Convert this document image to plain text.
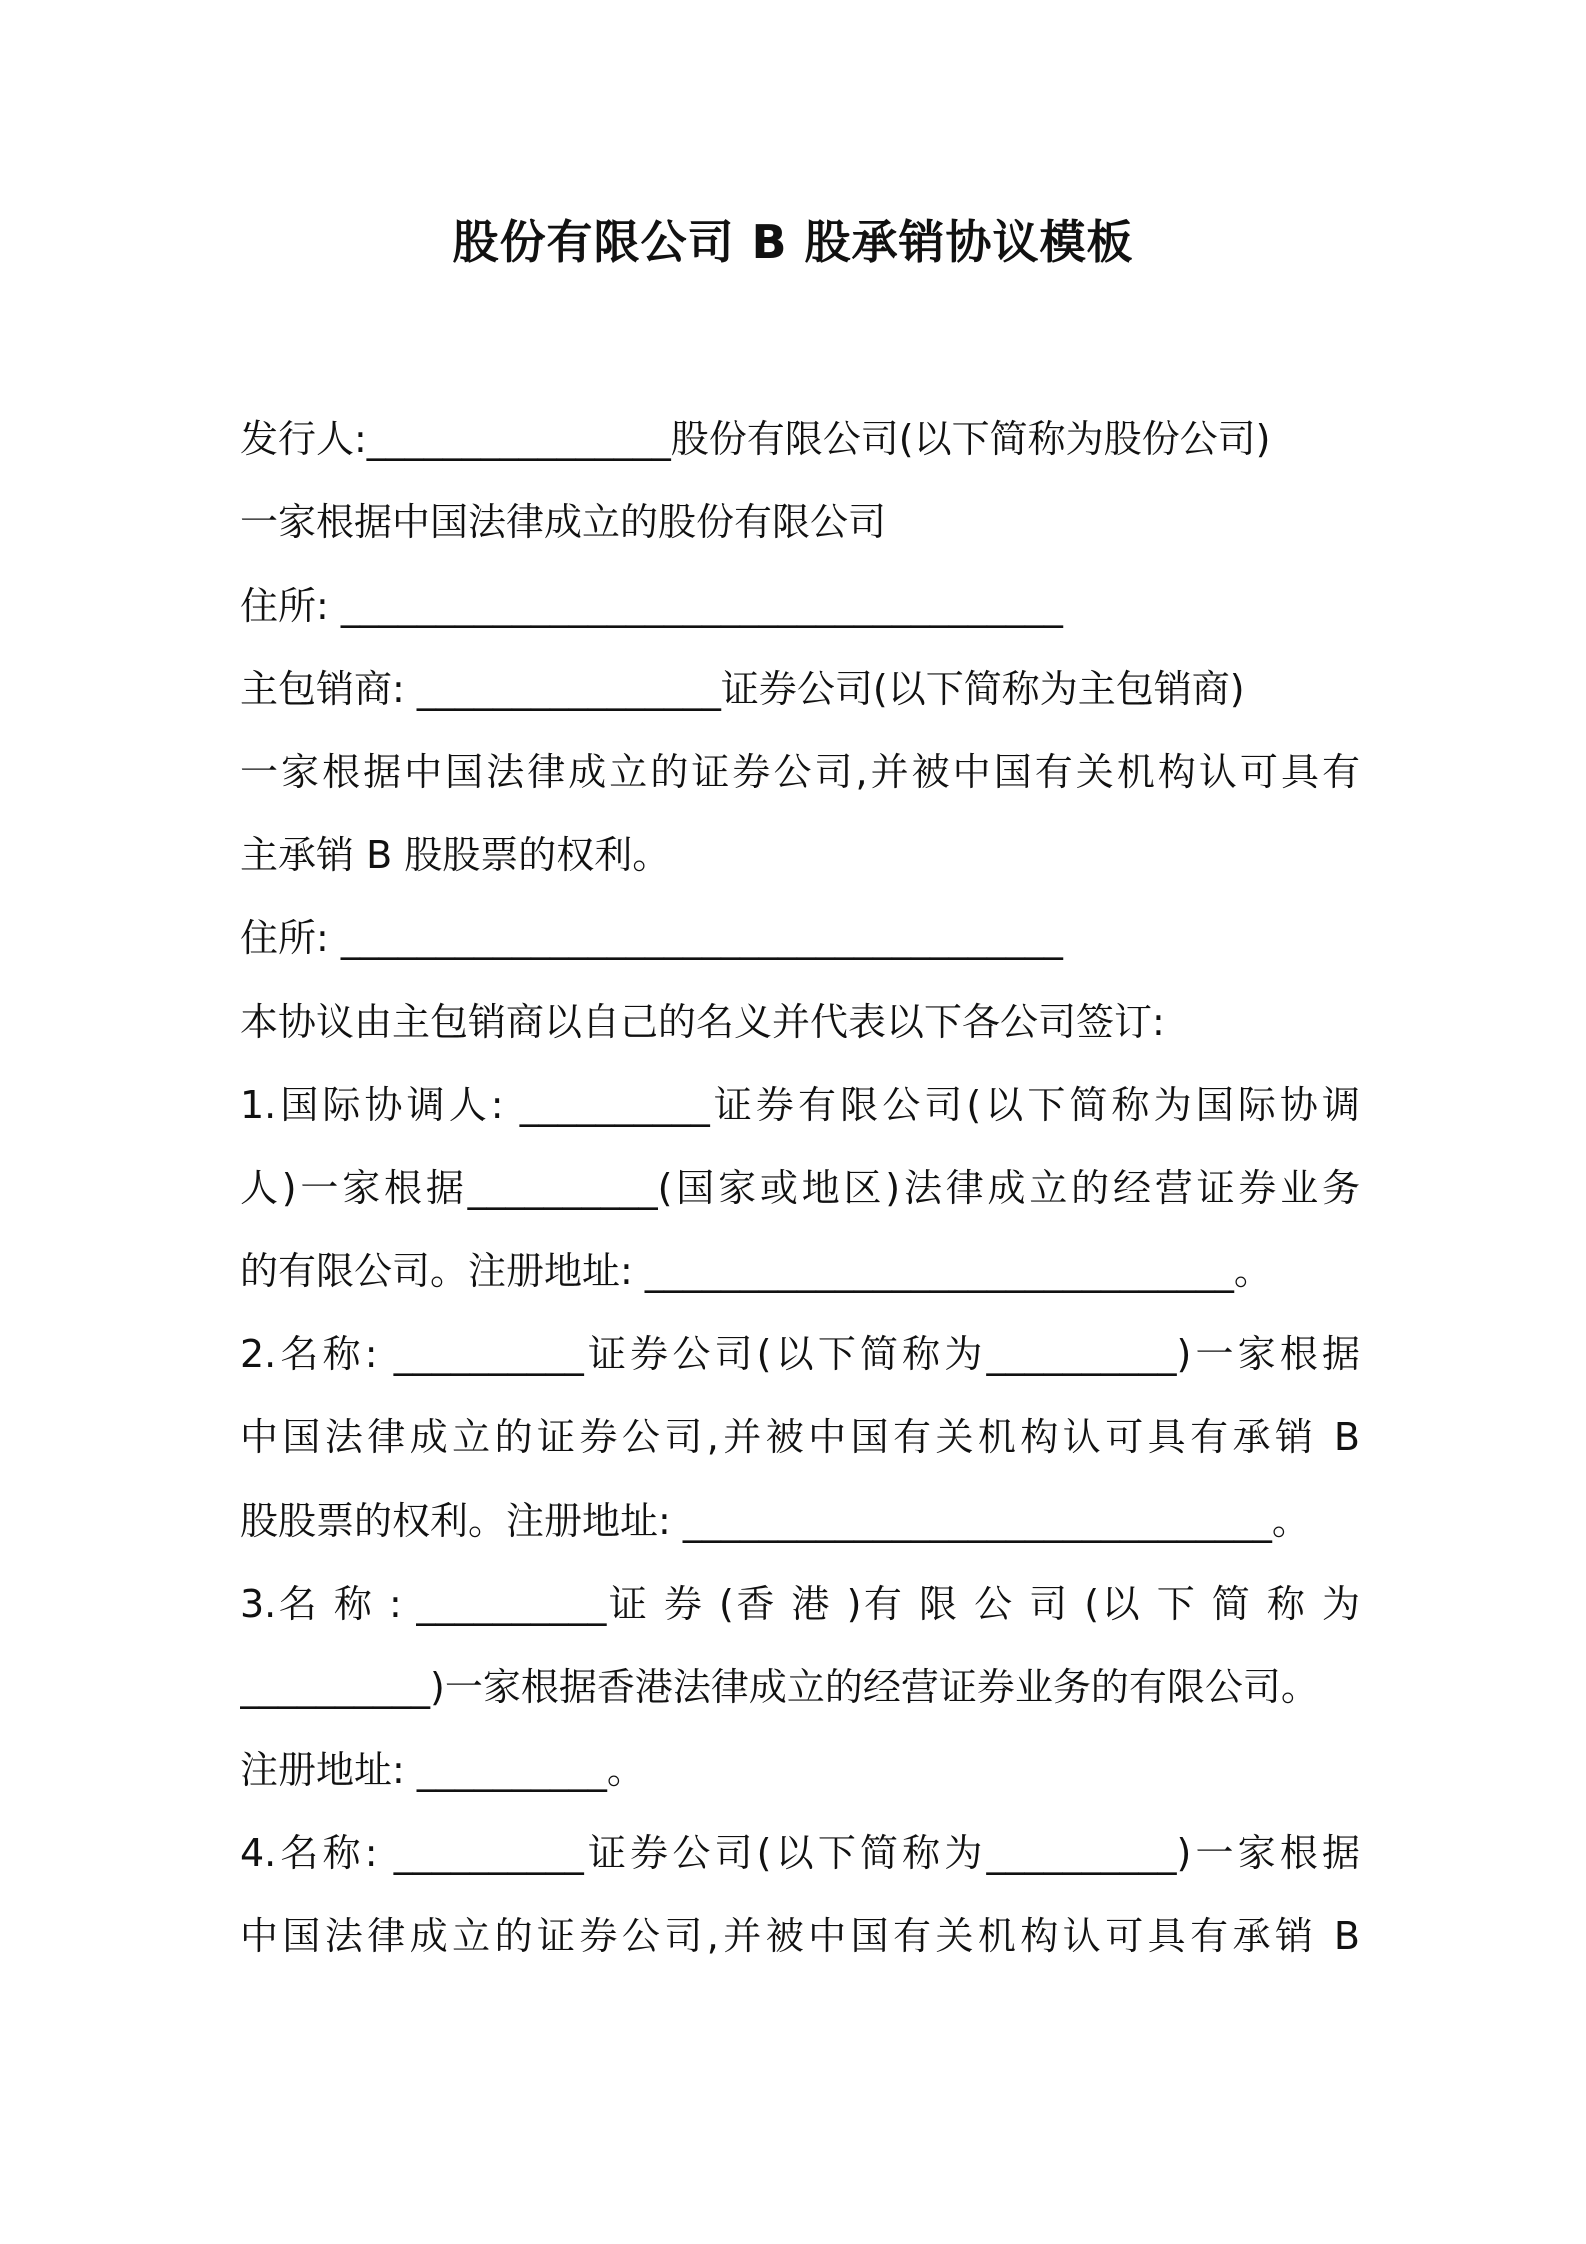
股份有限公司 B 股承销协议模板
发行人:________________股份有限公司(以下简称为股份公司)
一家根据中国法律成立的股份有限公司
住所: ______________________________________
主包销商: ________________证券公司(以下简称为主包销商)
一家根据中国法律成立的证券公司,并被中国有关机构认可具有
主承销 B 股股票的权利。
住所: ______________________________________
本协议由主包销商以自己的名义并代表以下各公司签订:
1.国际协调人: __________证券有限公司(以下简称为国际协调
人)一家根据__________(国家或地区)法律成立的经营证券业务
的有限公司。注册地址: _______________________________。
2.名称: __________证券公司(以下简称为__________)一家根据
中国法律成立的证券公司,并被中国有关机构认可具有承销 B
股股票的权利。注册地址: _______________________________。
3.名 称 : __________证 券 (香 港 )有 限 公 司 (以 下 简 称 为
__________)一家根据香港法律成立的经营证券业务的有限公司。
注册地址: __________。
4.名称: __________证券公司(以下简称为__________)一家根据
中国法律成立的证券公司,并被中国有关机构认可具有承销 B
